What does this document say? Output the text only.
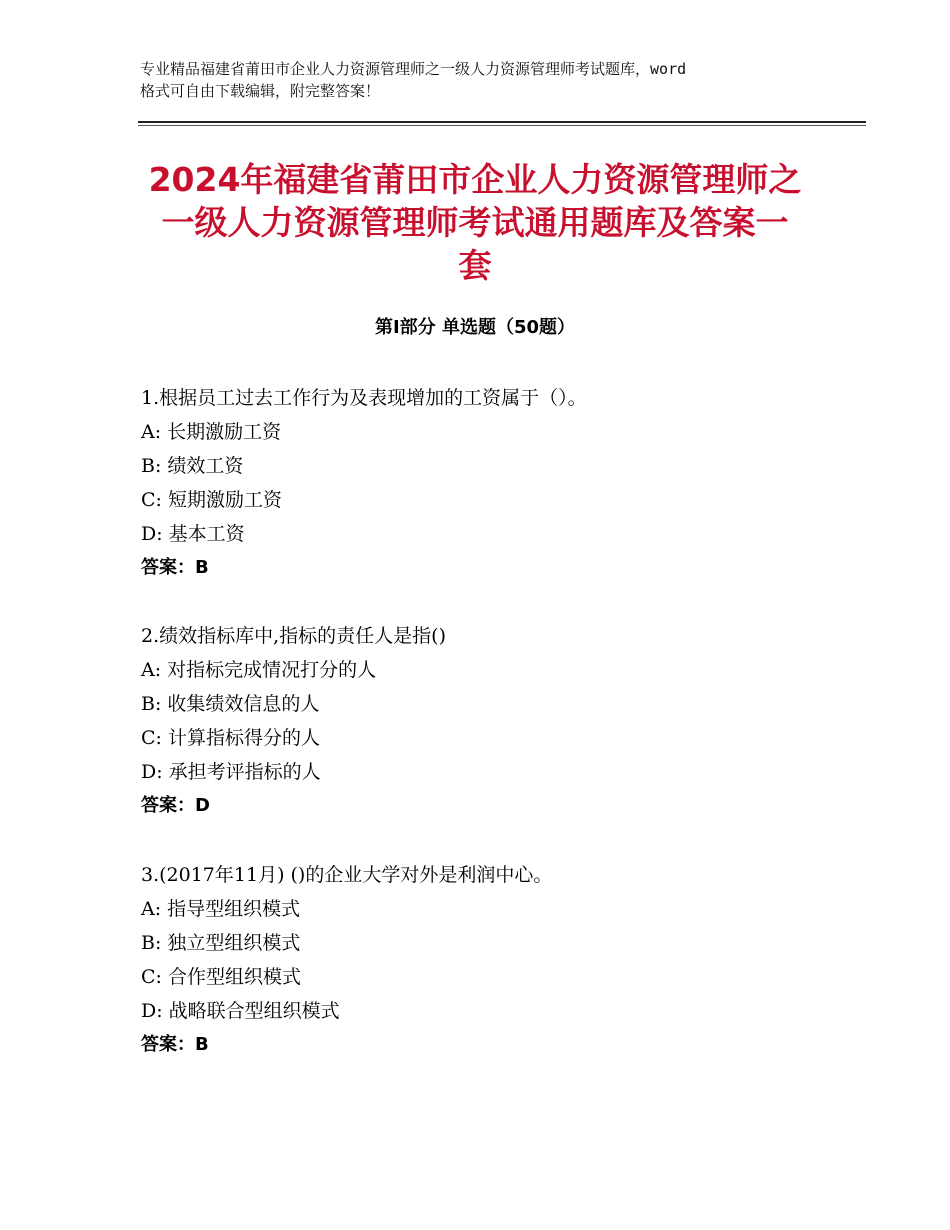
专业精品福建省莆田市企业人力资源管理师之一级人力资源管理师考试题库，word
格式可自由下载编辑，附完整答案！
2024年福建省莆田市企业人力资源管理师之
一级人力资源管理师考试通用题库及答案一
套
第Ⅰ部分 单选题（50题）
1.根据员工过去工作行为及表现增加的工资属于（）。
A: 长期激励工资
B: 绩效工资
C: 短期激励工资
D: 基本工资
答案：B
2.绩效指标库中,指标的责任人是指()
A: 对指标完成情况打分的人
B: 收集绩效信息的人
C: 计算指标得分的人
D: 承担考评指标的人
答案：D
3.(2017年11月) ()的企业大学对外是利润中心。
A: 指导型组织模式
B: 独立型组织模式
C: 合作型组织模式
D: 战略联合型组织模式
答案：B
